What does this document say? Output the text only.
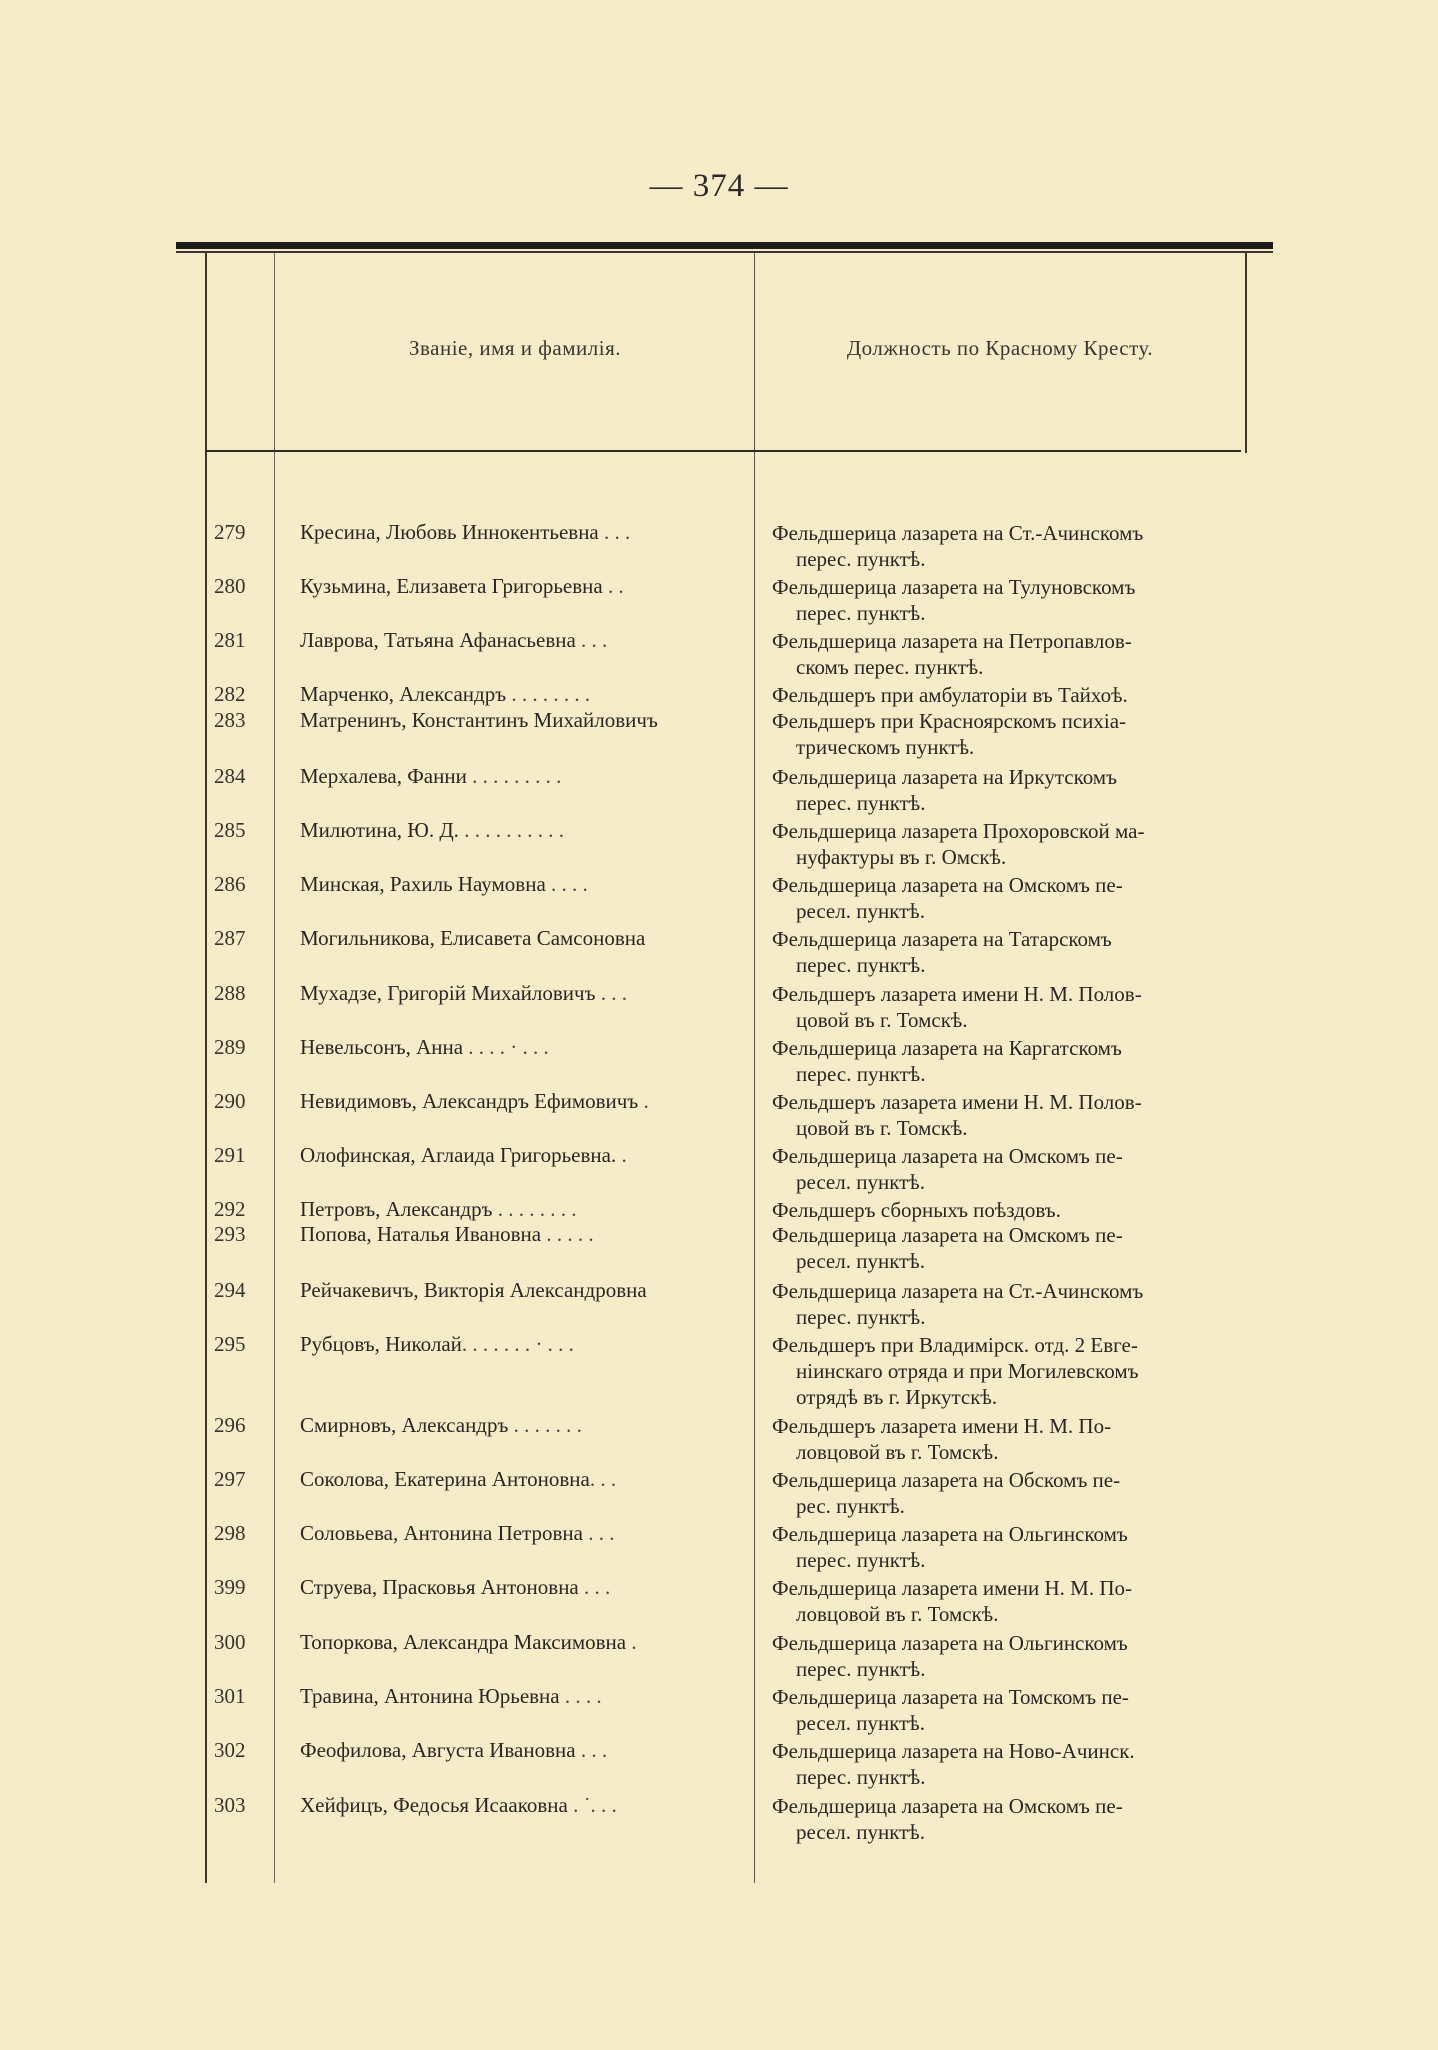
— 374 —
Званіе, имя и фамилія.	Должность по Красному Кресту.
279	Кресина, Любовь Иннокентьевна . . .	Фельдшерица лазарета на Ст.-Ачинскомъ
перес. пунктѣ.
280	Кузьмина, Елизавета Григорьевна . .	Фельдшерица лазарета на Тулуновскомъ
перес. пунктѣ.
281	Лаврова, Татьяна Афанасьевна . . .	Фельдшерица лазарета на Петропавлов-
скомъ перес. пунктѣ.
282	Марченко, Александръ . . . . . . . .	Фельдшеръ при амбулаторіи въ Тайхоѣ.
283	Матренинъ, Константинъ Михайловичъ	Фельдшеръ при Красноярскомъ психіа-
трическомъ пунктѣ.
284	Мерхалева, Фанни . . . . . . . . .	Фельдшерица лазарета на Иркутскомъ
перес. пунктѣ.
285	Милютина, Ю. Д. . . . . . . . . . .	Фельдшерица лазарета Прохоровской ма-
нуфактуры въ г. Омскѣ.
286	Минская, Рахиль Наумовна . . . .	Фельдшерица лазарета на Омскомъ пе-
ресел. пунктѣ.
287	Могильникова, Елисавета Самсоновна	Фельдшерица лазарета на Татарскомъ
перес. пунктѣ.
288	Мухадзе, Григорій Михайловичъ . . .	Фельдшеръ лазарета имени Н. М. Полов-
цовой въ г. Томскѣ.
289	Невельсонъ, Анна . . . . · . . .	Фельдшерица лазарета на Каргатскомъ
перес. пунктѣ.
290	Невидимовъ, Александръ Ефимовичъ .	Фельдшеръ лазарета имени Н. М. Полов-
цовой въ г. Томскѣ.
291	Олофинская, Аглаида Григорьевна. .	Фельдшерица лазарета на Омскомъ пе-
ресел. пунктѣ.
292	Петровъ, Александръ . . . . . . . .	Фельдшеръ сборныхъ поѣздовъ.
293	Попова, Наталья Ивановна . . . . .	Фельдшерица лазарета на Омскомъ пе-
ресел. пунктѣ.
294	Рейчакевичъ, Викторія Александровна	Фельдшерица лазарета на Ст.-Ачинскомъ
перес. пунктѣ.
295	Рубцовъ, Николай. . . . . . . · . . .	Фельдшеръ при Владимірск. отд. 2 Евге-
ніинскаго отряда и при Могилевскомъ
отрядѣ въ г. Иркутскѣ.
296	Смирновъ, Александръ . . . . . . .	Фельдшеръ лазарета имени Н. М. По-
ловцовой въ г. Томскѣ.
297	Соколова, Екатерина Антоновна. . .	Фельдшерица лазарета на Обскомъ пе-
рес. пунктѣ.
298	Соловьева, Антонина Петровна . . .	Фельдшерица лазарета на Ольгинскомъ
перес. пунктѣ.
399	Струева, Прасковья Антоновна . . .	Фельдшерица лазарета имени Н. М. По-
ловцовой въ г. Томскѣ.
300	Топоркова, Александра Максимовна .	Фельдшерица лазарета на Ольгинскомъ
перес. пунктѣ.
301	Травина, Антонина Юрьевна . . . .	Фельдшерица лазарета на Томскомъ пе-
ресел. пунктѣ.
302	Феофилова, Августа Ивановна . . .	Фельдшерица лазарета на Ново-Ачинск.
перес. пунктѣ.
303	Хейфицъ, Федосья Исааковна . ˙. . .	Фельдшерица лазарета на Омскомъ пе-
ресел. пунктѣ.
